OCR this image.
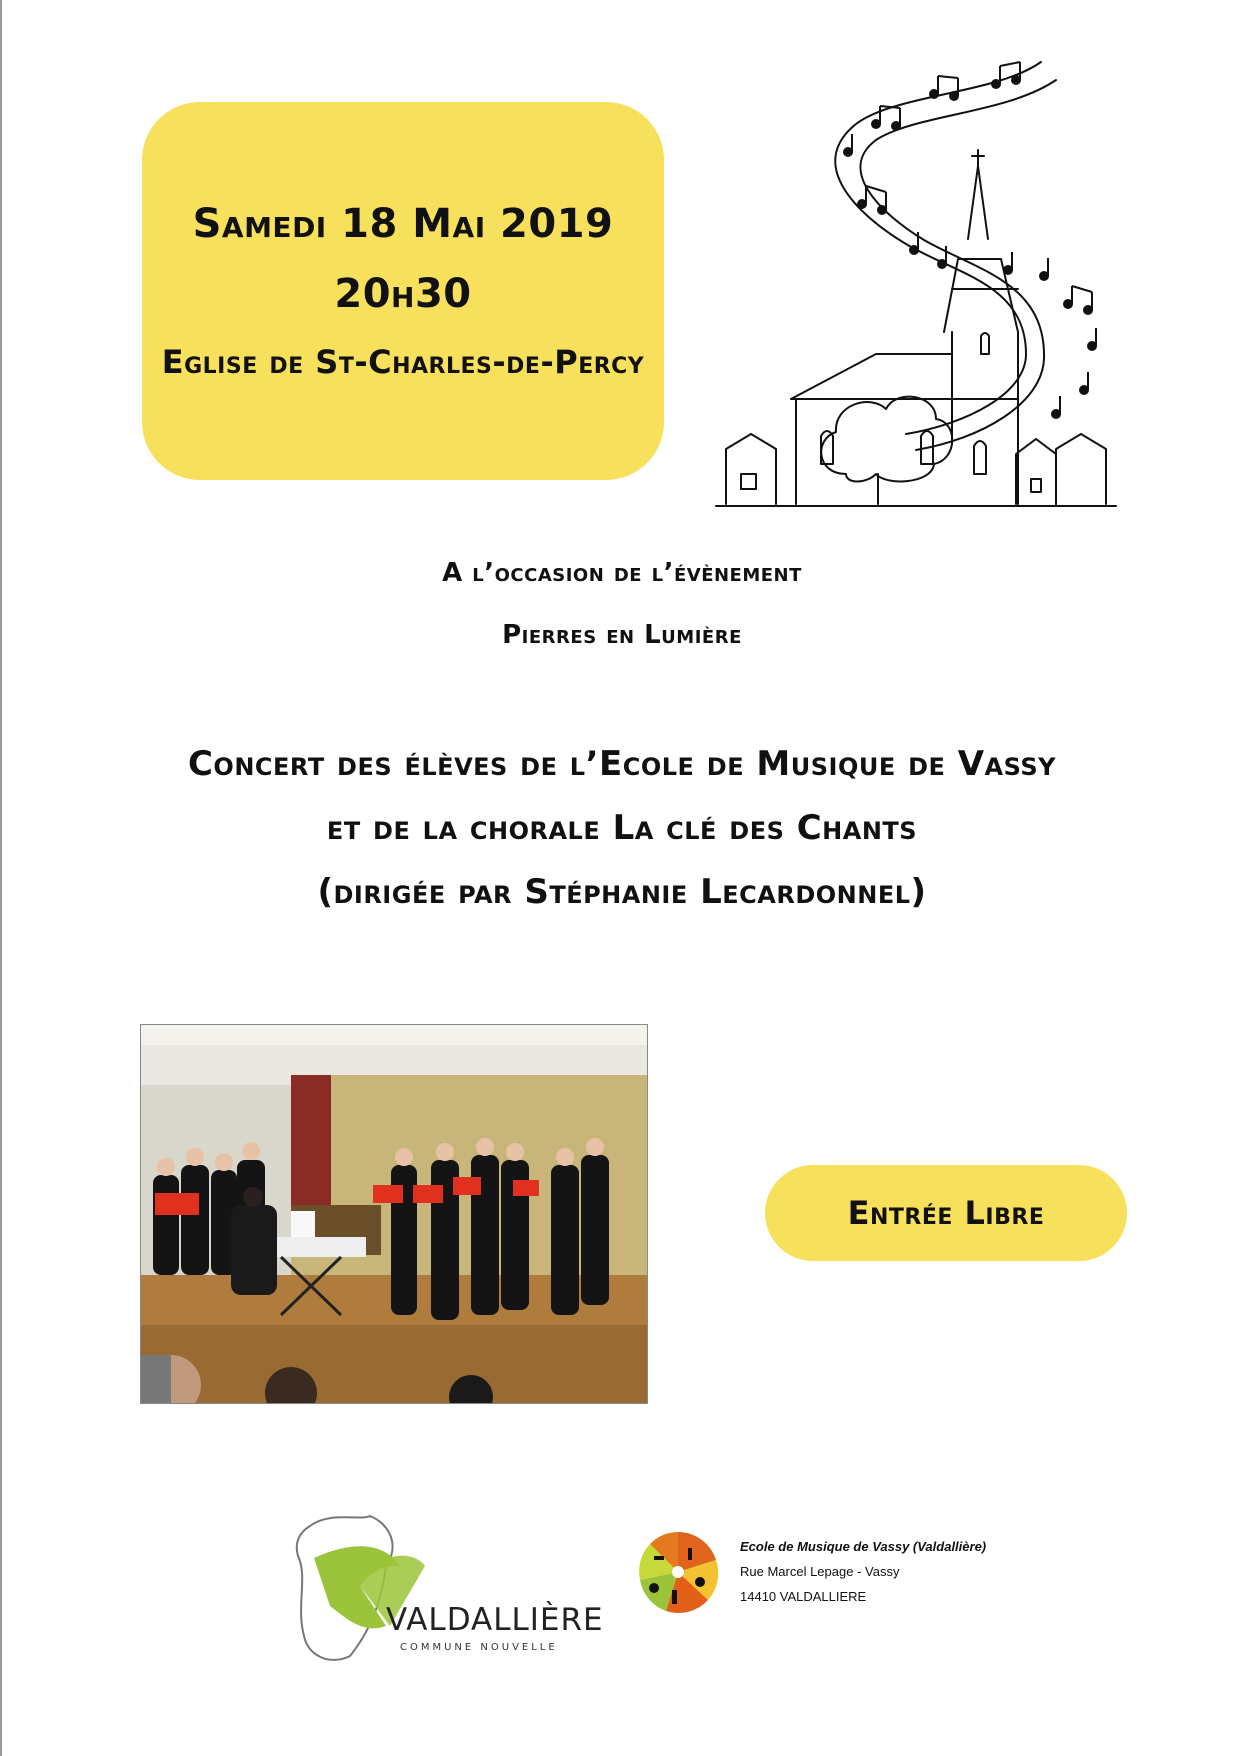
Samedi 18 Mai 2019
20h30
Eglise de St-Charles-de-Percy
A l’occasion de l’évènement
Pierres en Lumière
Concert des élèves de l’Ecole de Musique de Vassy
et de la chorale La clé des Chants
(dirigée par Stéphanie Lecardonnel)
Entrée Libre
VALDALLIÈRE
COMMUNE NOUVELLE
Ecole de Musique de Vassy (Valdallière)
Rue Marcel Lepage - Vassy
14410 VALDALLIERE
